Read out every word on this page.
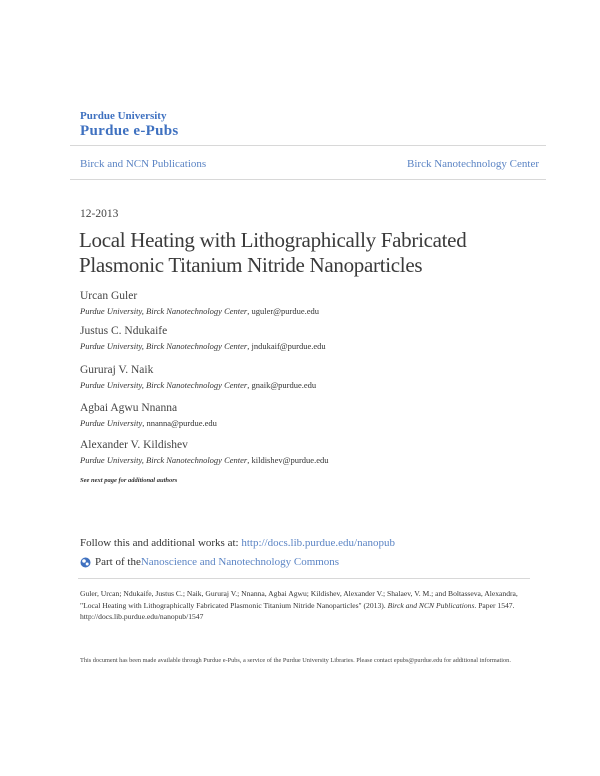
Purdue University
Purdue e-Pubs
Birck and NCN Publications	Birck Nanotechnology Center
12-2013
Local Heating with Lithographically Fabricated
Plasmonic Titanium Nitride Nanoparticles
Urcan Guler
Purdue University, Birck Nanotechnology Center, uguler@purdue.edu
Justus C. Ndukaife
Purdue University, Birck Nanotechnology Center, jndukaif@purdue.edu
Gururaj V. Naik
Purdue University, Birck Nanotechnology Center, gnaik@purdue.edu
Agbai Agwu Nnanna
Purdue University, nnanna@purdue.edu
Alexander V. Kildishev
Purdue University, Birck Nanotechnology Center, kildishev@purdue.edu
See next page for additional authors
Follow this and additional works at: http://docs.lib.purdue.edu/nanopub
Part of the Nanoscience and Nanotechnology Commons
Guler, Urcan; Ndukaife, Justus C.; Naik, Gururaj V.; Nnanna, Agbai Agwu; Kildishev, Alexander V.; Shalaev, V. M.; and Boltasseva, Alexandra, "Local Heating with Lithographically Fabricated Plasmonic Titanium Nitride Nanoparticles" (2013). Birck and NCN Publications. Paper 1547.
http://docs.lib.purdue.edu/nanopub/1547
This document has been made available through Purdue e-Pubs, a service of the Purdue University Libraries. Please contact epubs@purdue.edu for additional information.
